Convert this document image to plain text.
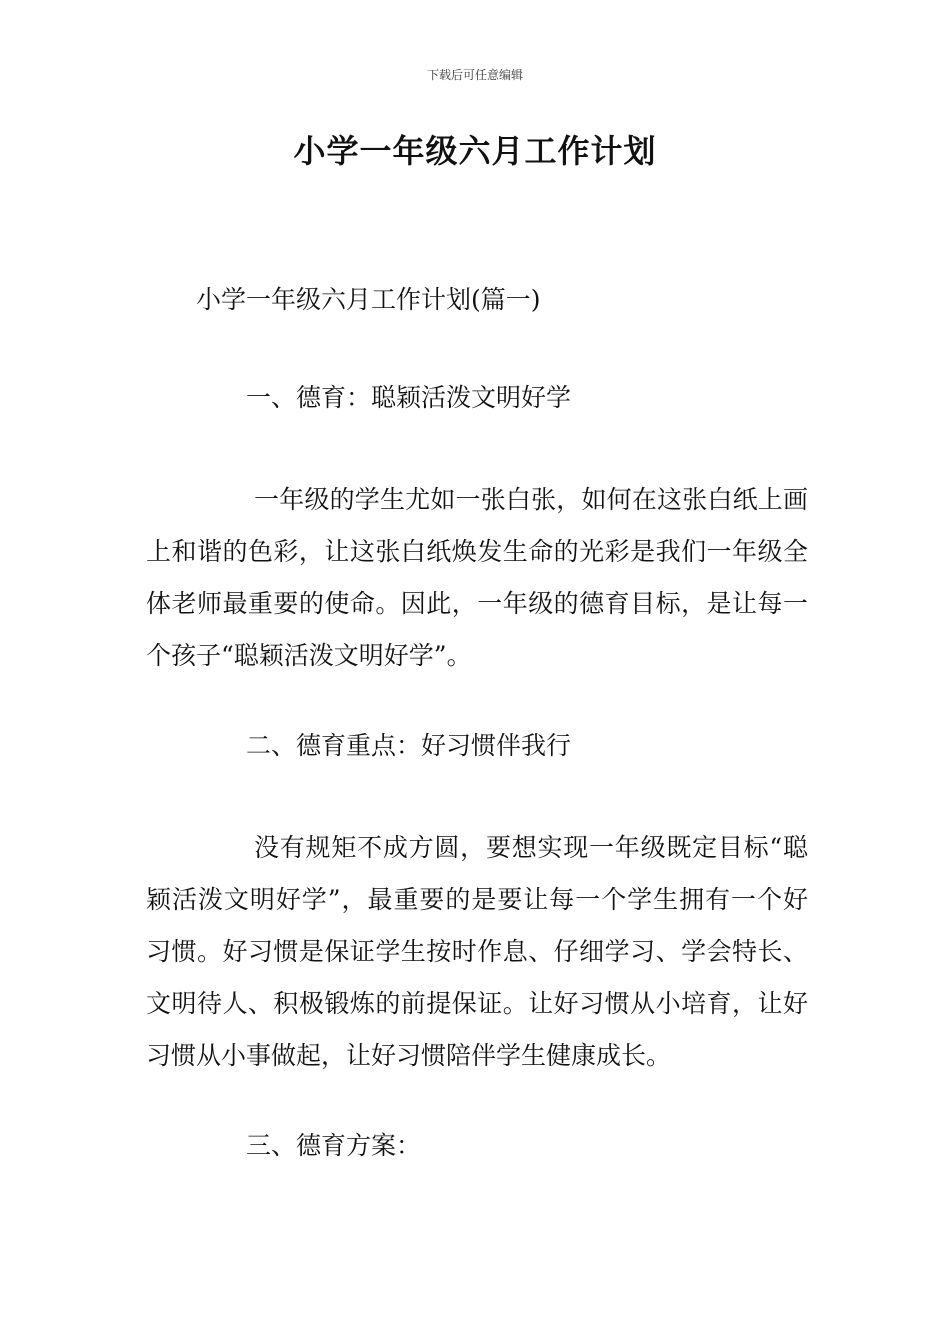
下载后可任意编辑
小学一年级六月工作计划

小学一年级六月工作计划(篇一)

一、德育：聪颖活泼文明好学

一年级的学生尤如一张白张，如何在这张白纸上画上和谐的色彩，让这张白纸焕发生命的光彩是我们一年级全体老师最重要的使命。因此，一年级的德育目标，是让每一个孩子“聪颖活泼文明好学”。

二、德育重点：好习惯伴我行

没有规矩不成方圆，要想实现一年级既定目标“聪颖活泼文明好学”，最重要的是要让每一个学生拥有一个好习惯。好习惯是保证学生按时作息、仔细学习、学会特长、文明待人、积极锻炼的前提保证。让好习惯从小培育，让好习惯从小事做起，让好习惯陪伴学生健康成长。

三、德育方案：
